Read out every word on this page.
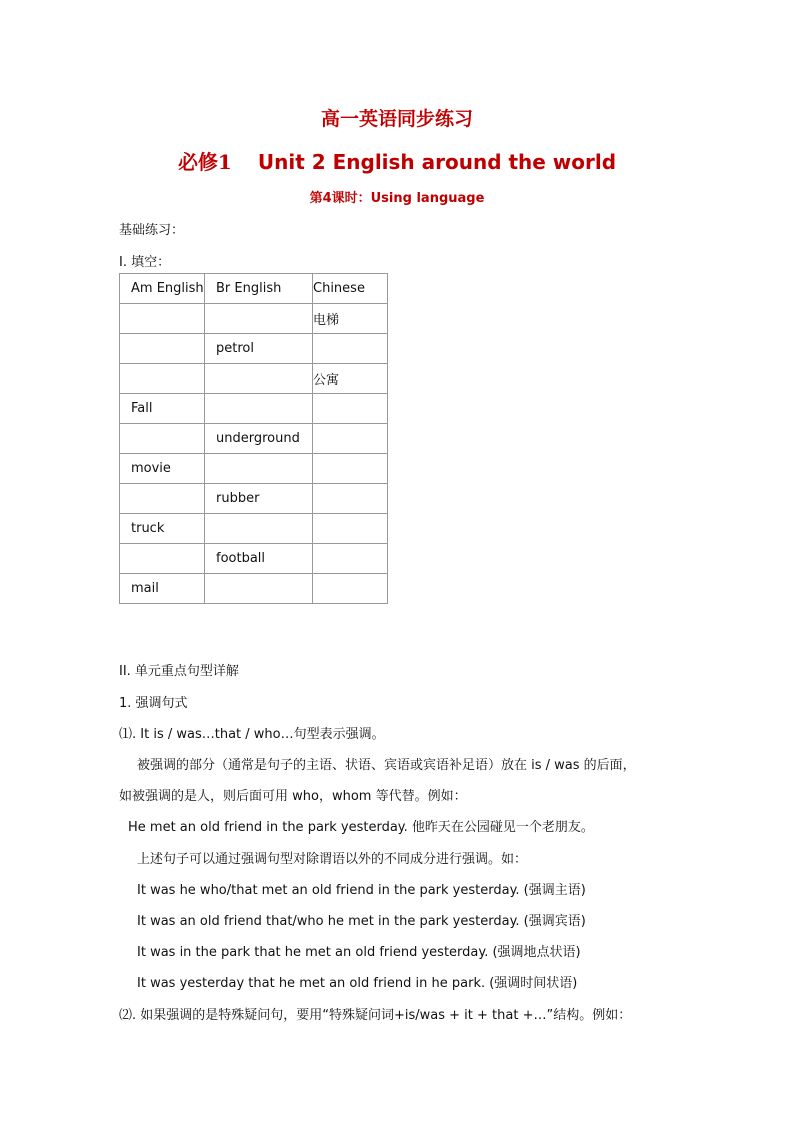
高一英语同步练习
必修1 Unit 2 English around the world
第4课时：Using language
基础练习：
I. 填空：
Am English	Br English	Chinese
		电梯
	petrol	
		公寓
Fall		
	underground	
movie		
	rubber	
truck		
	football	
mail		
II. 单元重点句型详解
1. 强调句式
⑴. It is / was…that / who…句型表示强调。
被强调的部分（通常是句子的主语、状语、宾语或宾语补足语）放在 is / was 的后面，
如被强调的是人，则后面可用 who，whom 等代替。例如：
He met an old friend in the park yesterday. 他昨天在公园碰见一个老朋友。
上述句子可以通过强调句型对除谓语以外的不同成分进行强调。如：
It was he who/that met an old friend in the park yesterday. (强调主语)
It was an old friend that/who he met in the park yesterday. (强调宾语)
It was in the park that he met an old friend yesterday. (强调地点状语)
It was yesterday that he met an old friend in he park. (强调时间状语)
⑵. 如果强调的是特殊疑问句，要用“特殊疑问词+is/was + it + that +…”结构。例如：
